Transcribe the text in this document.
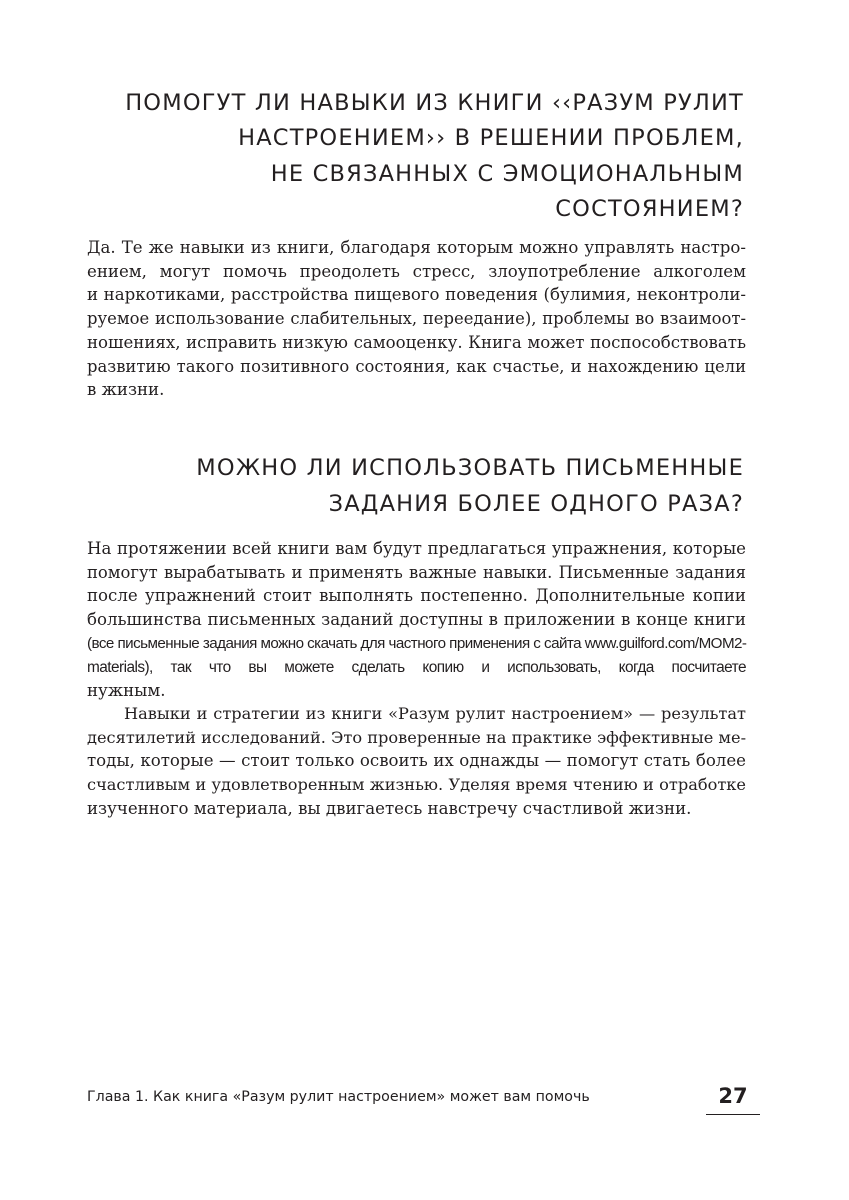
ПОМОГУТ ЛИ НАВЫКИ ИЗ КНИГИ ‹‹РАЗУМ РУЛИТ
НАСТРОЕНИЕМ›› В РЕШЕНИИ ПРОБЛЕМ,
НЕ СВЯЗАННЫХ С ЭМОЦИОНАЛЬНЫМ
СОСТОЯНИЕМ?

Да. Те же навыки из книги, благодаря которым можно управлять настро-
ением, могут помочь преодолеть стресс, злоупотребление алкоголем
и наркотиками, расстройства пищевого поведения (булимия, неконтроли-
руемое использование слабительных, переедание), проблемы во взаимоот-
ношениях, исправить низкую самооценку. Книга может поспособствовать
развитию такого позитивного состояния, как счастье, и нахождению цели
в жизни.

МОЖНО ЛИ ИСПОЛЬЗОВАТЬ ПИСЬМЕННЫЕ
ЗАДАНИЯ БОЛЕЕ ОДНОГО РАЗА?

На протяжении всей книги вам будут предлагаться упражнения, которые
помогут вырабатывать и применять важные навыки. Письменные задания
после упражнений стоит выполнять постепенно. Дополнительные копии
большинства письменных заданий доступны в приложении в конце книги
(все письменные задания можно скачать для частного применения с сайта www.guilford.com/MOM2-
materials), так что вы можете сделать копию и использовать, когда посчитаете
нужным.

Навыки и стратегии из книги «Разум рулит настроением» — результат
десятилетий исследований. Это проверенные на практике эффективные ме-
тоды, которые — стоит только освоить их однажды — помогут стать более
счастливым и удовлетворенным жизнью. Уделяя время чтению и отработке
изученного материала, вы двигаетесь навстречу счастливой жизни.

Глава 1. Как книга «Разум рулит настроением» может вам помочь	27
